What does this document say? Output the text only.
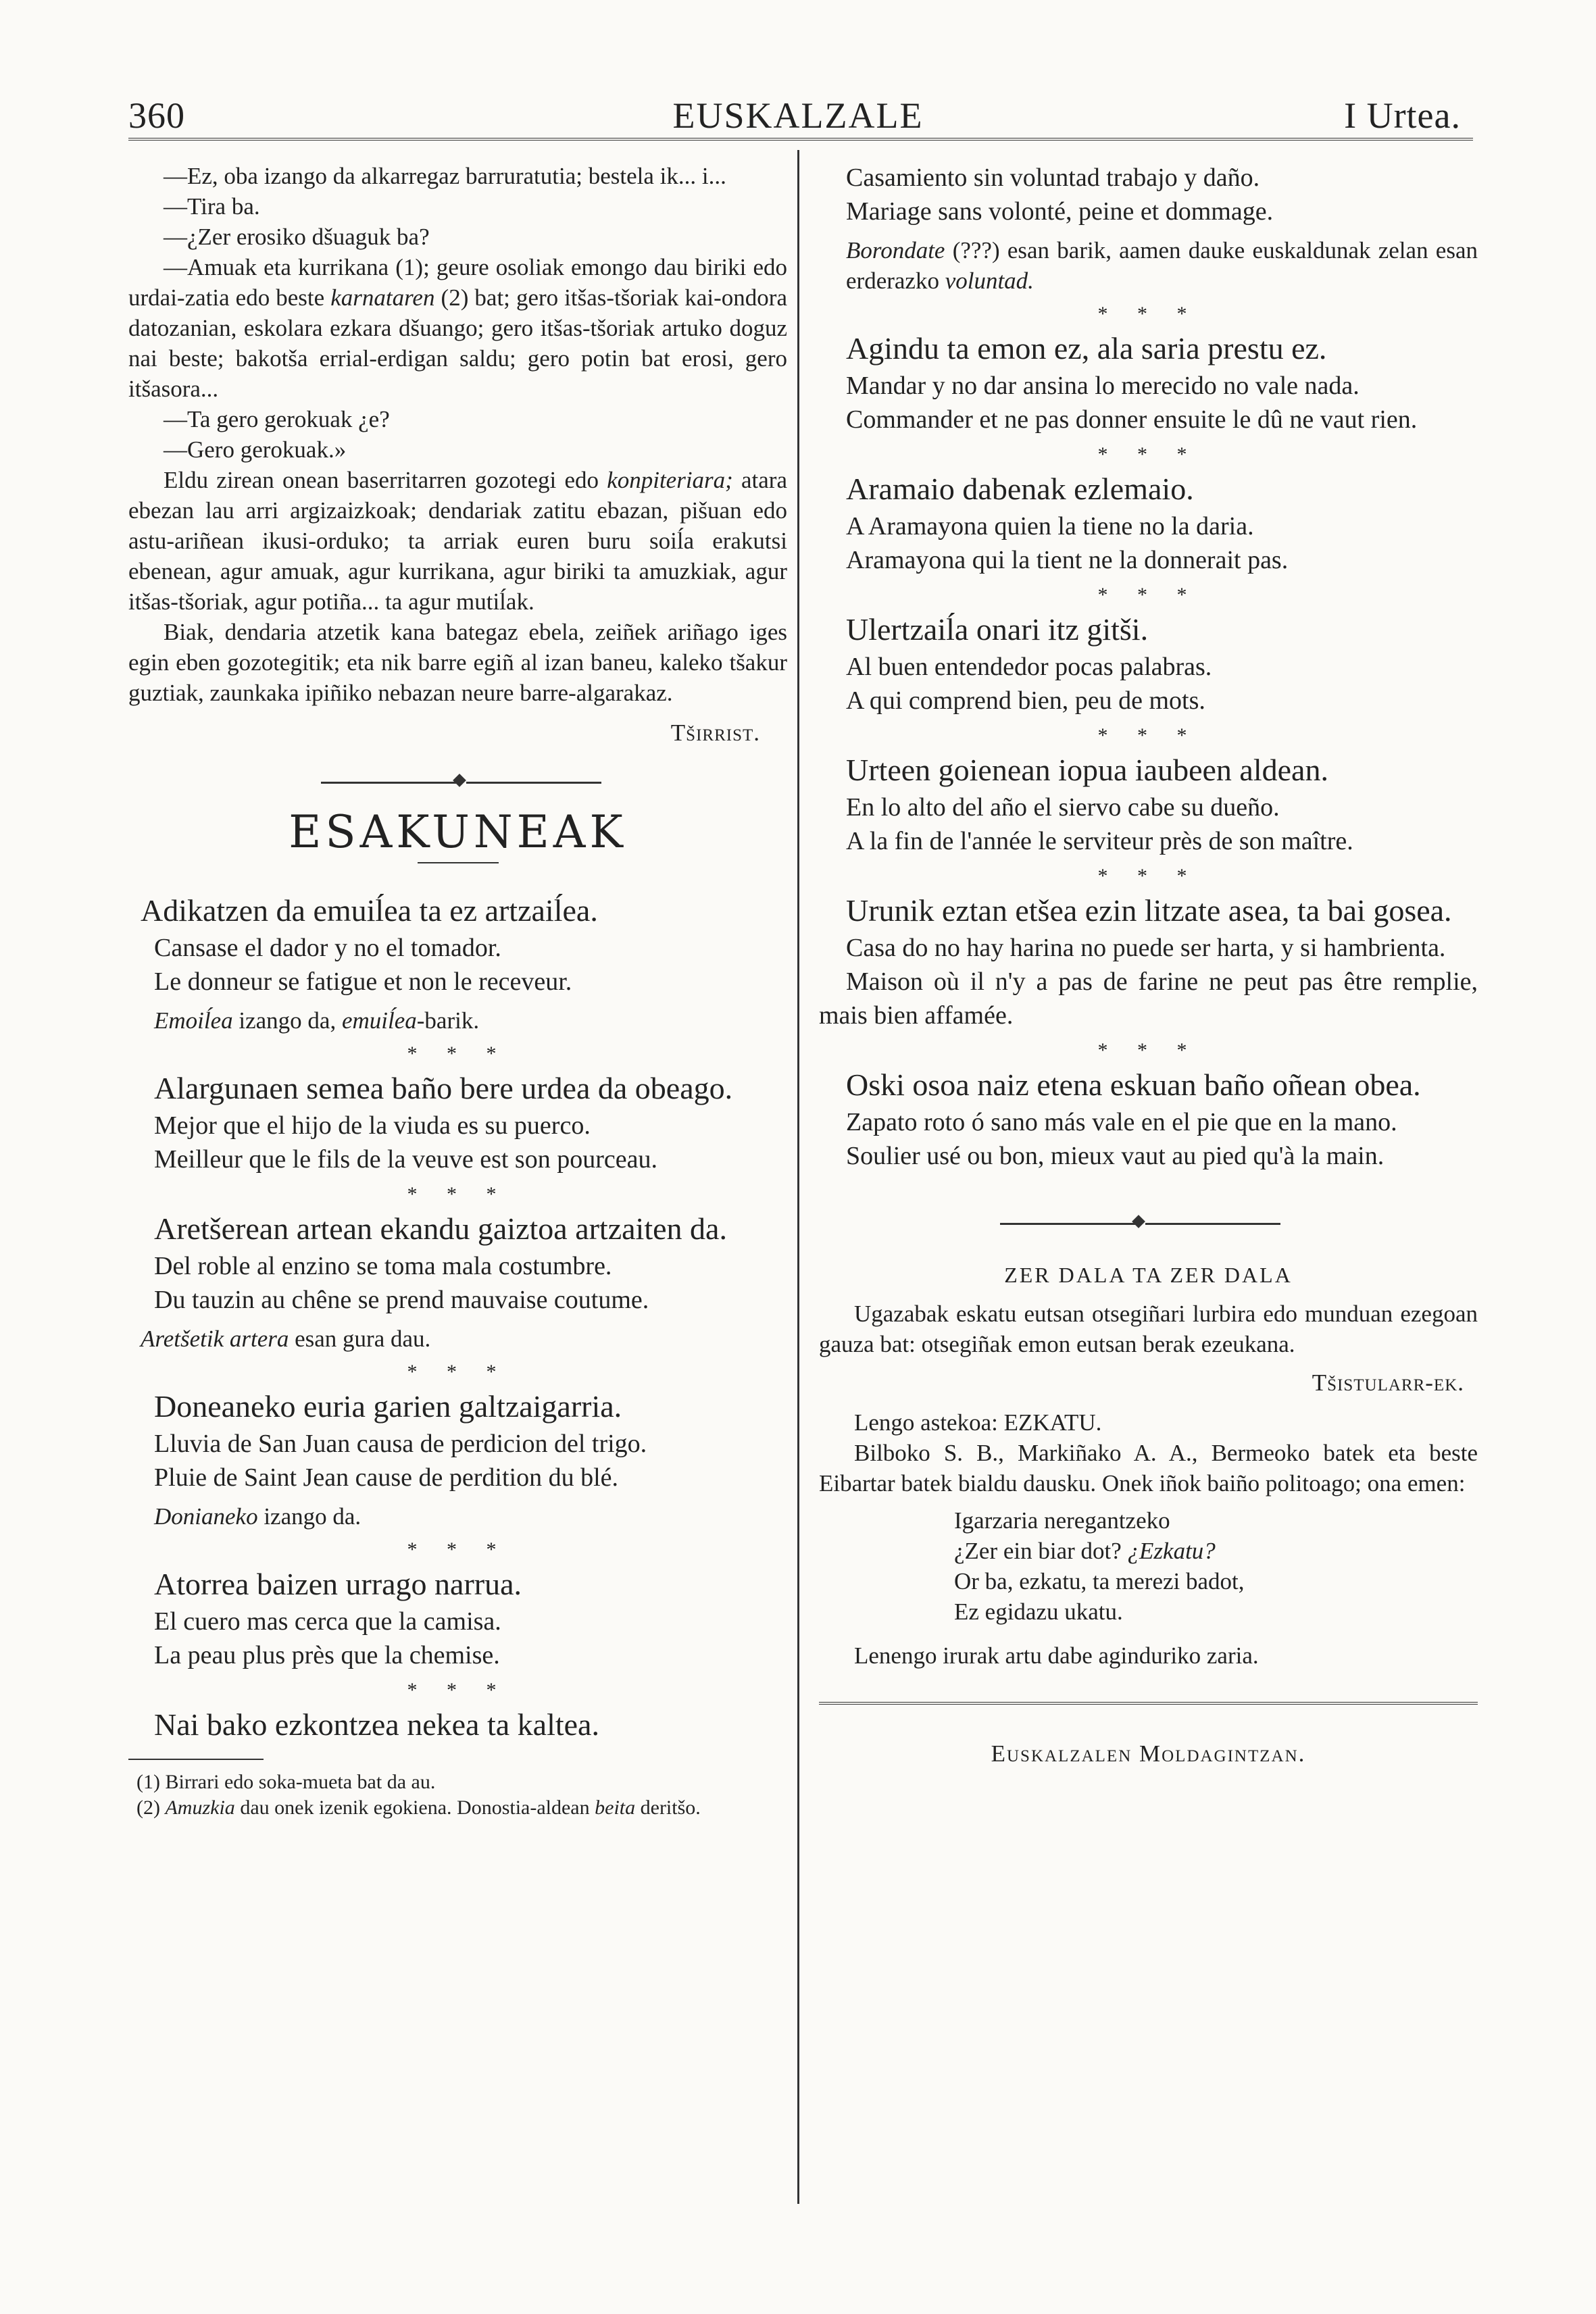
360	EUSKALZALE	I Urtea.

—Ez, oba izango da alkarregaz barruratutia; bestela ik... i...

—Tira ba.

—¿Zer erosiko dšuaguk ba?

—Amuak eta kurrikana (1); geure osoliak emongo dau biriki edo urdai-zatia edo beste karnataren (2) bat; gero itšas-tšoriak kai-ondora datozanian, eskolara ezkara dšuango; gero itšas-tšoriak artuko doguz nai beste; bakotša errial-erdigan saldu; gero potin bat erosi, gero itšasora...

—Ta gero gerokuak ¿e?

—Gero gerokuak.»

Eldu zirean onean baserritarren gozotegi edo konpiteriara; atara ebezan lau arri argizaizkoak; dendariak zatitu ebazan, pišuan edo astu-ariñean ikusi-orduko; ta arriak euren buru soiĺa erakutsi ebenean, agur amuak, agur kurrikana, agur biriki ta amuzkiak, agur itšas-tšoriak, agur potiña... ta agur mutiĺak.

Biak, dendaria atzetik kana bategaz ebela, zeiñek ariñago iges egin eben gozotegitik; eta nik barre egiñ al izan baneu, kaleko tšakur guztiak, zaunkaka ipiñiko nebazan neure barre-algarakaz.

Tširrist.

ESAKUNEAK

Adikatzen da emuiĺea ta ez artzaiĺea.

Cansase el dador y no el tomador.

Le donneur se fatigue et non le receveur.

Emoiĺea izango da, emuiĺea-barik.

* * *

Alargunaen semea baño bere urdea da obeago.

Mejor que el hijo de la viuda es su puerco.

Meilleur que le fils de la veuve est son pourceau.

* * *

Aretšerean artean ekandu gaiztoa artzaiten da.

Del roble al enzino se toma mala costumbre.

Du tauzin au chêne se prend mauvaise coutume.

Aretšetik artera esan gura dau.

* * *

Doneaneko euria garien galtzaigarria.

Lluvia de San Juan causa de perdicion del trigo.

Pluie de Saint Jean cause de perdition du blé.

Donianeko izango da.

* * *

Atorrea baizen urrago narrua.

El cuero mas cerca que la camisa.

La peau plus près que la chemise.

* * *

Nai bako ezkontzea nekea ta kaltea.

(1) Birrari edo soka-mueta bat da au.

(2) Amuzkia dau onek izenik egokiena. Donostia-aldean beita deritšo.

Casamiento sin voluntad trabajo y daño.

Mariage sans volonté, peine et dommage.

Borondate (???) esan barik, aamen dauke euskaldunak zelan esan erderazko voluntad.

* * *

Agindu ta emon ez, ala saria prestu ez.

Mandar y no dar ansina lo merecido no vale nada.

Commander et ne pas donner ensuite le dû ne vaut rien.

* * *

Aramaio dabenak ezlemaio.

A Aramayona quien la tiene no la daria.

Aramayona qui la tient ne la donnerait pas.

* * *

Ulertzaiĺa onari itz gitši.

Al buen entendedor pocas palabras.

A qui comprend bien, peu de mots.

* * *

Urteen goienean iopua iaubeen aldean.

En lo alto del año el siervo cabe su dueño.

A la fin de l'année le serviteur près de son maître.

* * *

Urunik eztan etšea ezin litzate asea, ta bai gosea.

Casa do no hay harina no puede ser harta, y si hambrienta.

Maison où il n'y a pas de farine ne peut pas être remplie, mais bien affamée.

* * *

Oski osoa naiz etena eskuan baño oñean obea.

Zapato roto ó sano más vale en el pie que en la mano.

Soulier usé ou bon, mieux vaut au pied qu'à la main.

ZER DALA TA ZER DALA

Ugazabak eskatu eutsan otsegiñari lurbira edo munduan ezegoan gauza bat: otsegiñak emon eutsan berak ezeukana.

Tšistularr-ek.

Lengo astekoa: EZKATU.

Bilboko S. B., Markiñako A. A., Bermeoko batek eta beste Eibartar batek bialdu dausku. Onek iñok baiño politoago; ona emen:

Igarzaria neregantzeko

¿Zer ein biar dot? ¿Ezkatu?

Or ba, ezkatu, ta merezi badot,

Ez egidazu ukatu.

Lenengo irurak artu dabe aginduriko zaria.

Euskalzalen Moldagintzan.
